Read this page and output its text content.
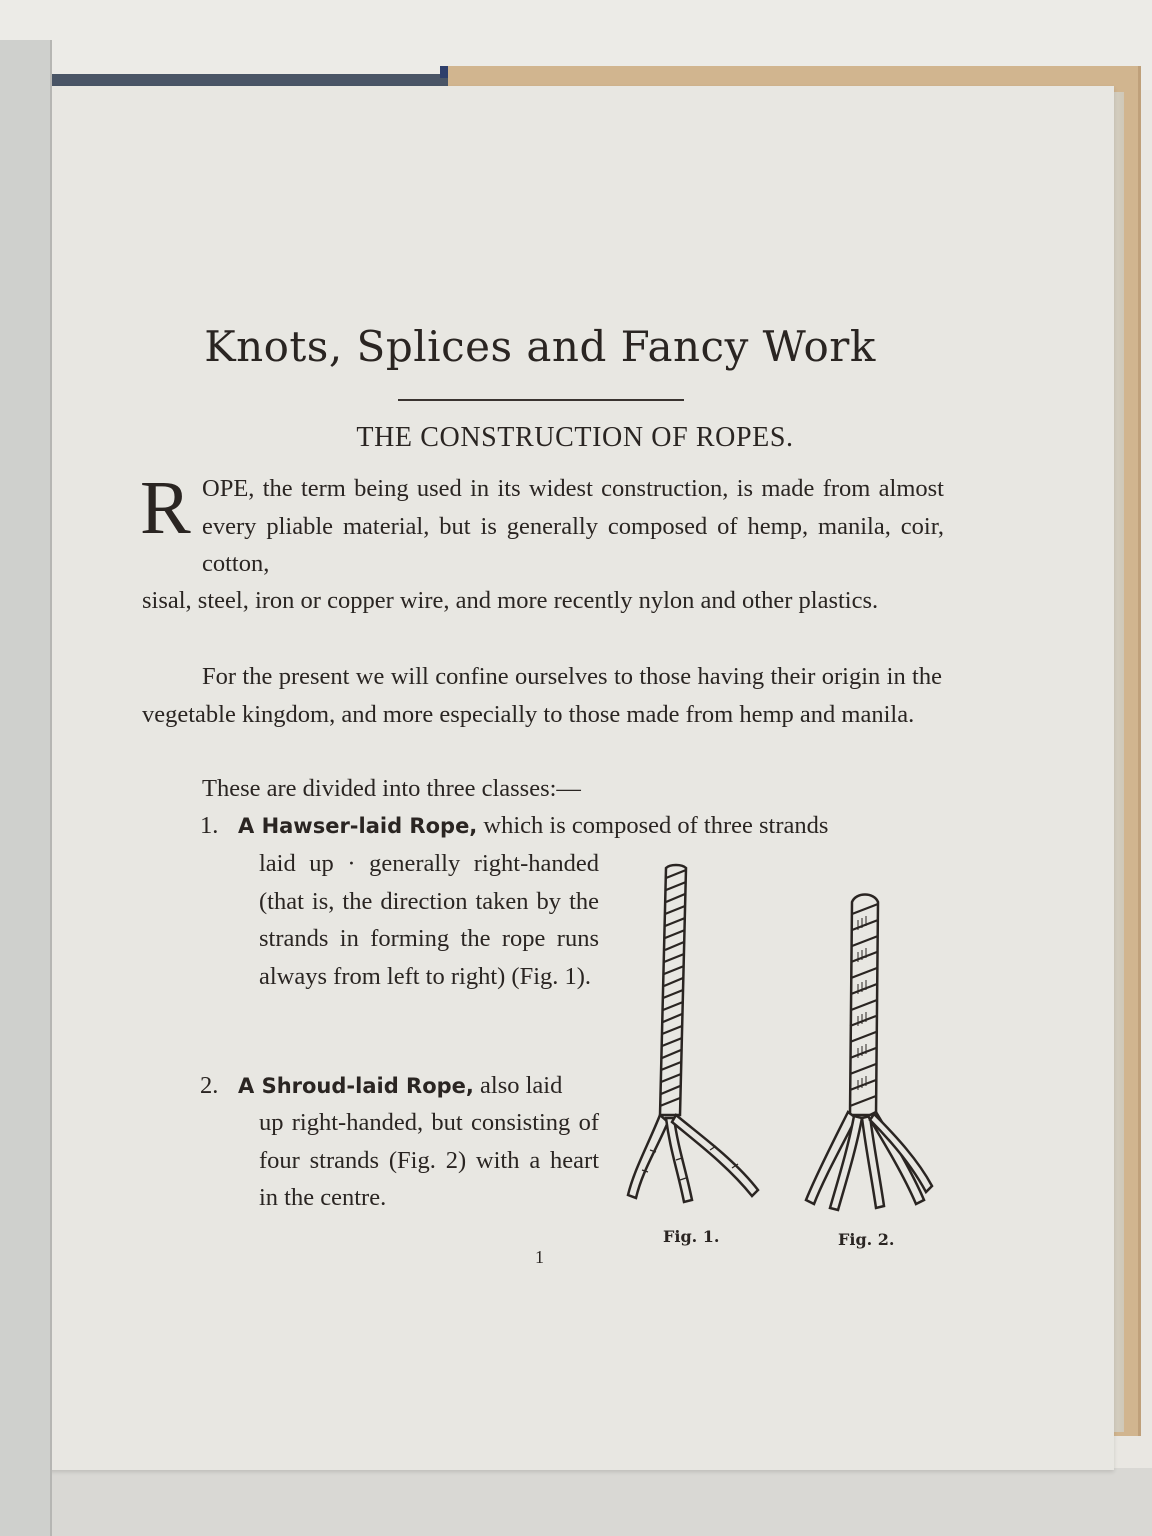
Knots, Splices and Fancy Work
THE CONSTRUCTION OF ROPES.
R OPE, the term being used in its widest construction, is made from almost every pliable material, but is generally composed of hemp, manila, coir, cotton,
sisal, steel, iron or copper wire, and more recently nylon and other plastics.
For the present we will confine ourselves to those having their origin in the vegetable kingdom, and more especially to those made from hemp and manila.
These are divided into three classes:—
1. A Hawser-laid Rope, which is composed of three strands
laid up · generally right-handed (that is, the direction taken by the strands in forming the rope runs always from left to right) (Fig. 1).
2. A Shroud-laid Rope, also laid
up right-handed, but consisting of four strands (Fig. 2) with a heart in the centre.
Fig. 1.	Fig. 2.
1
